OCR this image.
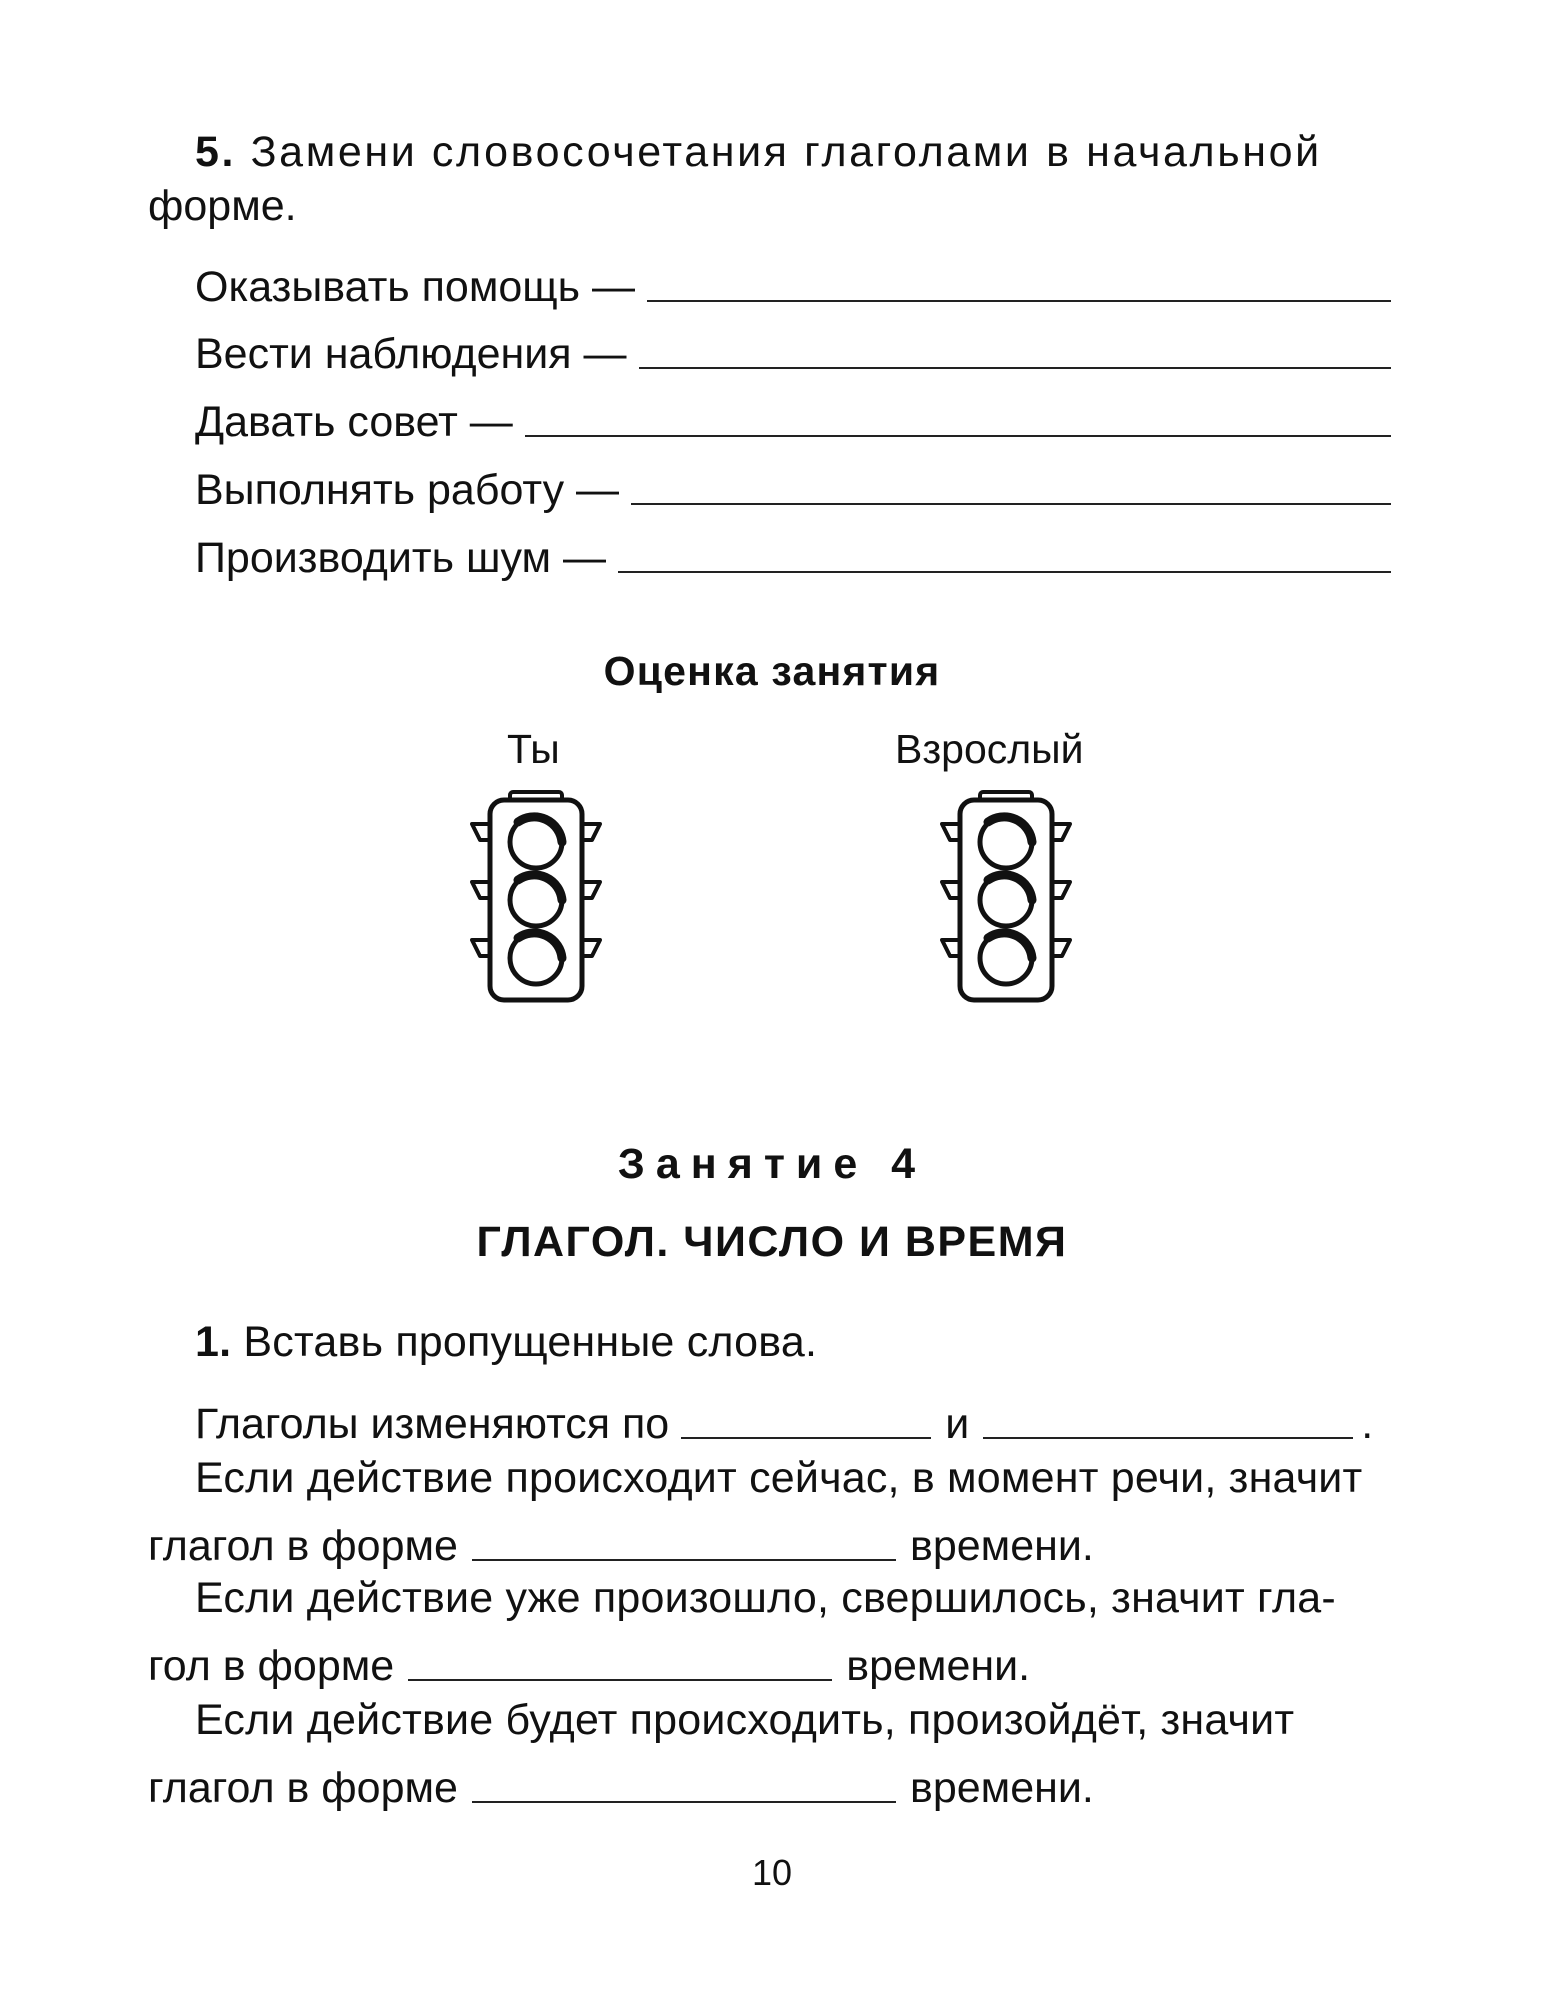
5. Замени словосочетания глаголами в начальной
форме.
Оказывать помощь —
Вести наблюдения —
Давать совет —
Выполнять работу —
Производить шум —
Оценка занятия
Ты	Взрослый
Занятие 4
ГЛАГОЛ. ЧИСЛО И ВРЕМЯ
1. Вставь пропущенные слова.
Глаголы изменяются по	и	.
Если действие происходит сейчас, в момент речи, значит
глагол в форме	времени.
Если действие уже произошло, свершилось, значит гла-
гол в форме	времени.
Если действие будет происходить, произойдёт, значит
глагол в форме	времени.
10
